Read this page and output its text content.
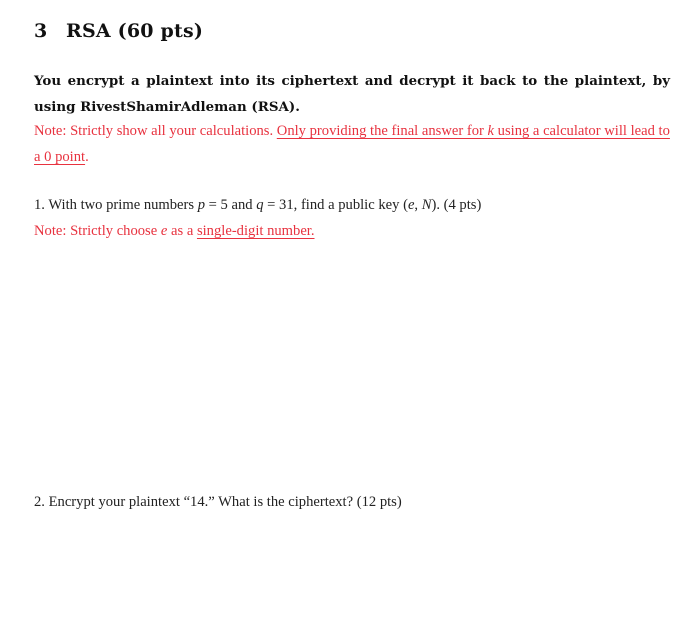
3 RSA (60 pts)
You encrypt a plaintext into its ciphertext and decrypt it back to the plaintext, by using RivestShamirAdleman (RSA).
Note: Strictly show all your calculations. Only providing the final answer for k using a calculator will lead to a 0 point.
1. With two prime numbers p = 5 and q = 31, find a public key (e, N). (4 pts)
Note: Strictly choose e as a single-digit number.
2. Encrypt your plaintext “14.” What is the ciphertext? (12 pts)
